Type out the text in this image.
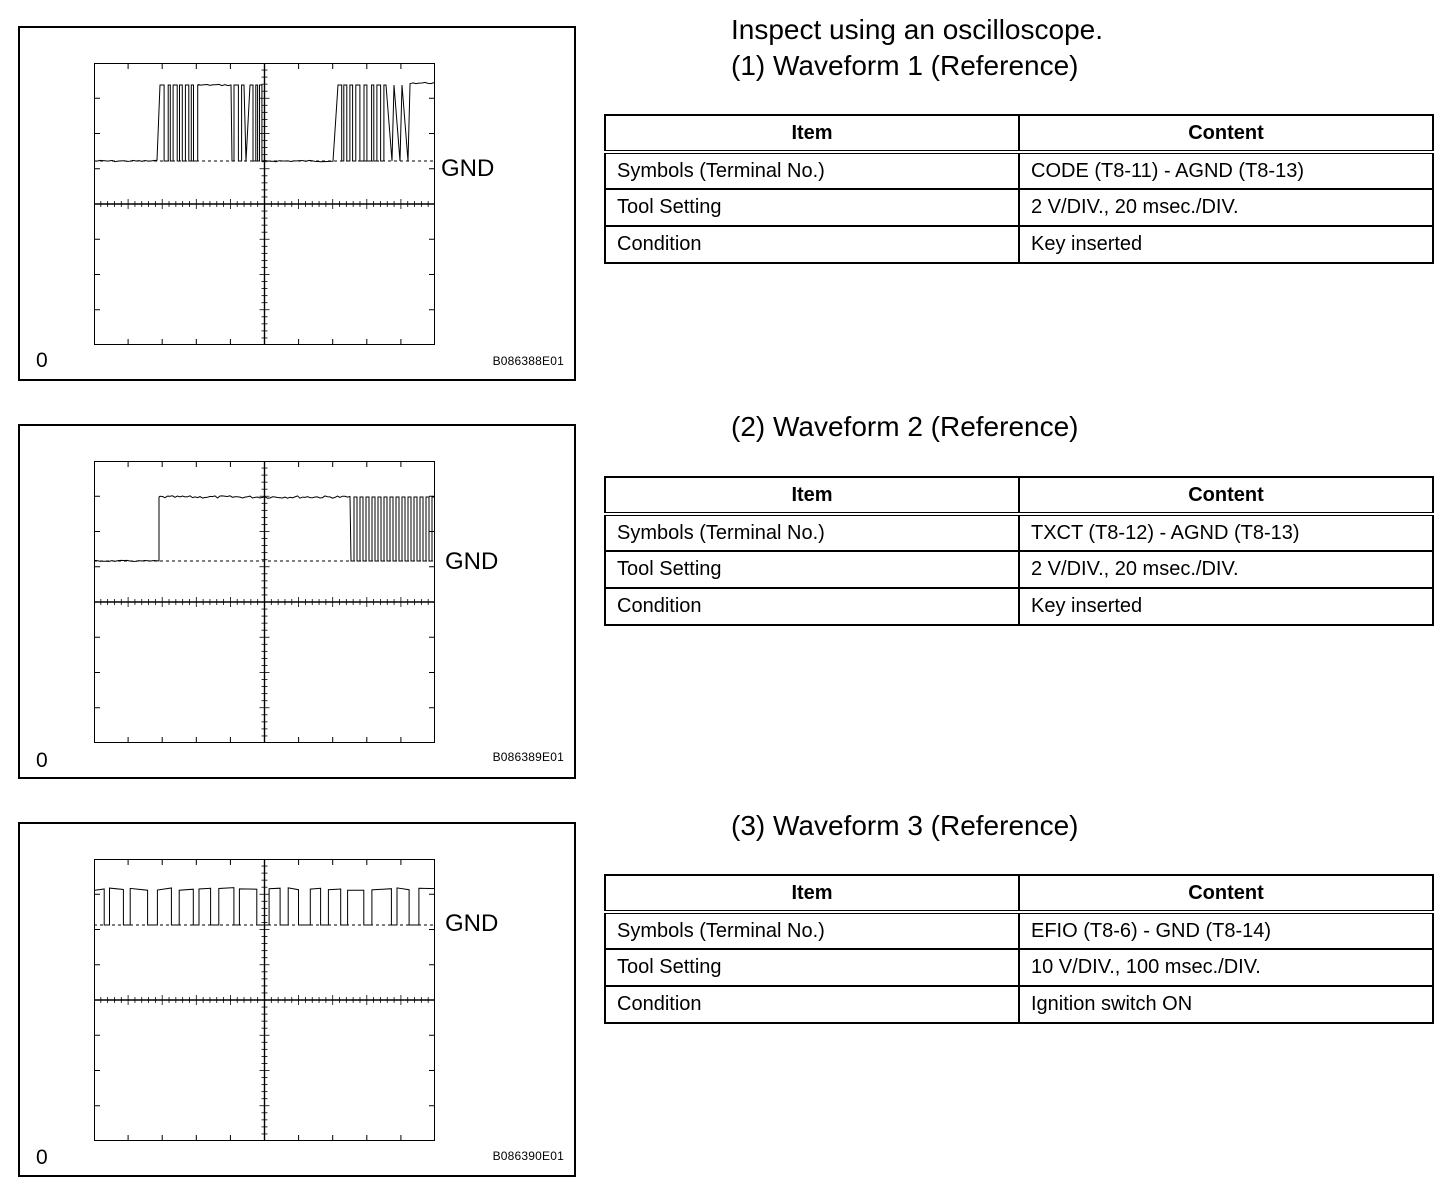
Inspect using an oscilloscope.
(1) Waveform 1 (Reference)
(2) Waveform 2 (Reference)
(3) Waveform 3 (Reference)
GND
0	B086388E01
GND
0	B086389E01
GND
0	B086390E01
Item	Content
Symbols (Terminal No.)	CODE (T8-11) - AGND (T8-13)
Tool Setting	2 V/DIV., 20 msec./DIV.
Condition	Key inserted
Item	Content
Symbols (Terminal No.)	TXCT (T8-12) - AGND (T8-13)
Tool Setting	2 V/DIV., 20 msec./DIV.
Condition	Key inserted
Item	Content
Symbols (Terminal No.)	EFIO (T8-6) - GND (T8-14)
Tool Setting	10 V/DIV., 100 msec./DIV.
Condition	Ignition switch ON
